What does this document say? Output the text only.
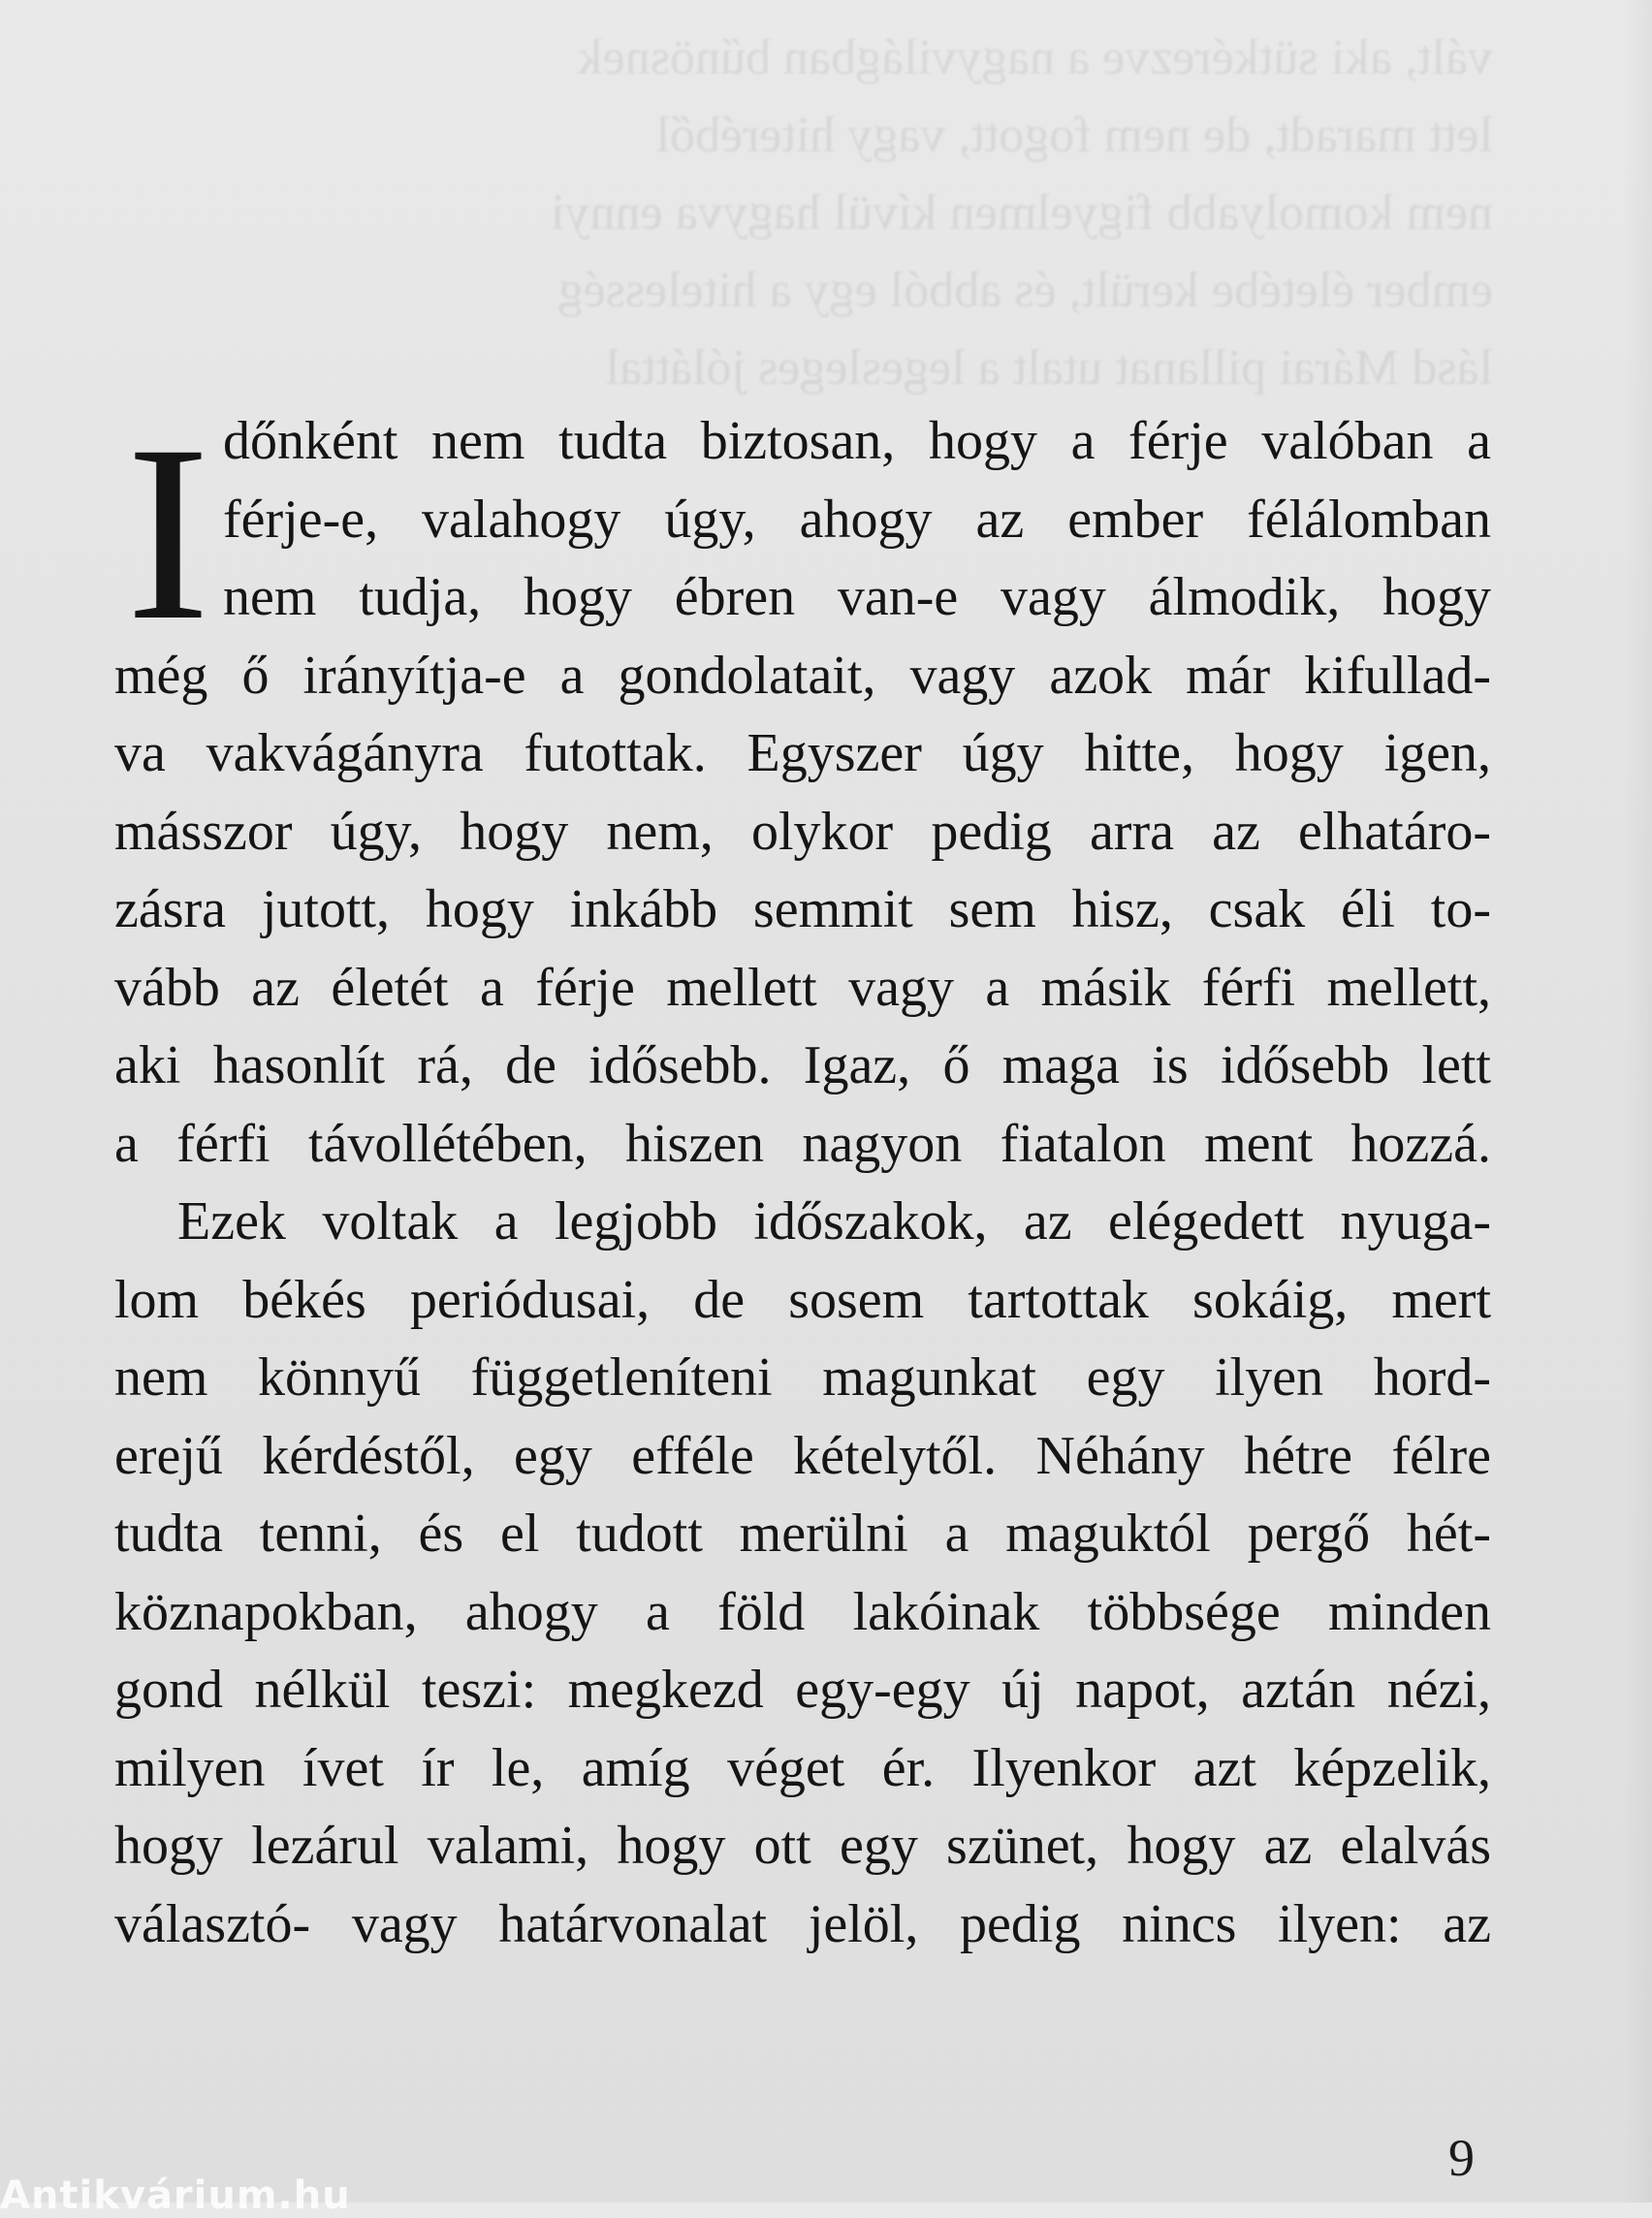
vált, aki sütkérezve a nagyvilágban bűnösnek
lett maradt, de nem fogott, vagy hiteréből
nem komolyabb figyelmen kívül hagyva ennyi
ember életébe került, és abból egy a hitelesség
lásd Márai pillanat utalt a legesleges jóláttal
I dőnként nem tudta biztosan, hogy a férje valóban a
férje-e, valahogy úgy, ahogy az ember félálomban
nem tudja, hogy ébren van-e vagy álmodik, hogy
még ő irányítja-e a gondolatait, vagy azok már kifullad-
va vakvágányra futottak. Egyszer úgy hitte, hogy igen,
másszor úgy, hogy nem, olykor pedig arra az elhatáro-
zásra jutott, hogy inkább semmit sem hisz, csak éli to-
vább az életét a férje mellett vagy a másik férfi mellett,
aki hasonlít rá, de idősebb. Igaz, ő maga is idősebb lett
a férfi távollétében, hiszen nagyon fiatalon ment hozzá.
Ezek voltak a legjobb időszakok, az elégedett nyuga-
lom békés periódusai, de sosem tartottak sokáig, mert
nem könnyű függetleníteni magunkat egy ilyen hord-
erejű kérdéstől, egy efféle kételytől. Néhány hétre félre
tudta tenni, és el tudott merülni a maguktól pergő hét-
köznapokban, ahogy a föld lakóinak többsége minden
gond nélkül teszi: megkezd egy-egy új napot, aztán nézi,
milyen ívet ír le, amíg véget ér. Ilyenkor azt képzelik,
hogy lezárul valami, hogy ott egy szünet, hogy az elalvás
választó- vagy határvonalat jelöl, pedig nincs ilyen: az
9
Antikvárium.hu
